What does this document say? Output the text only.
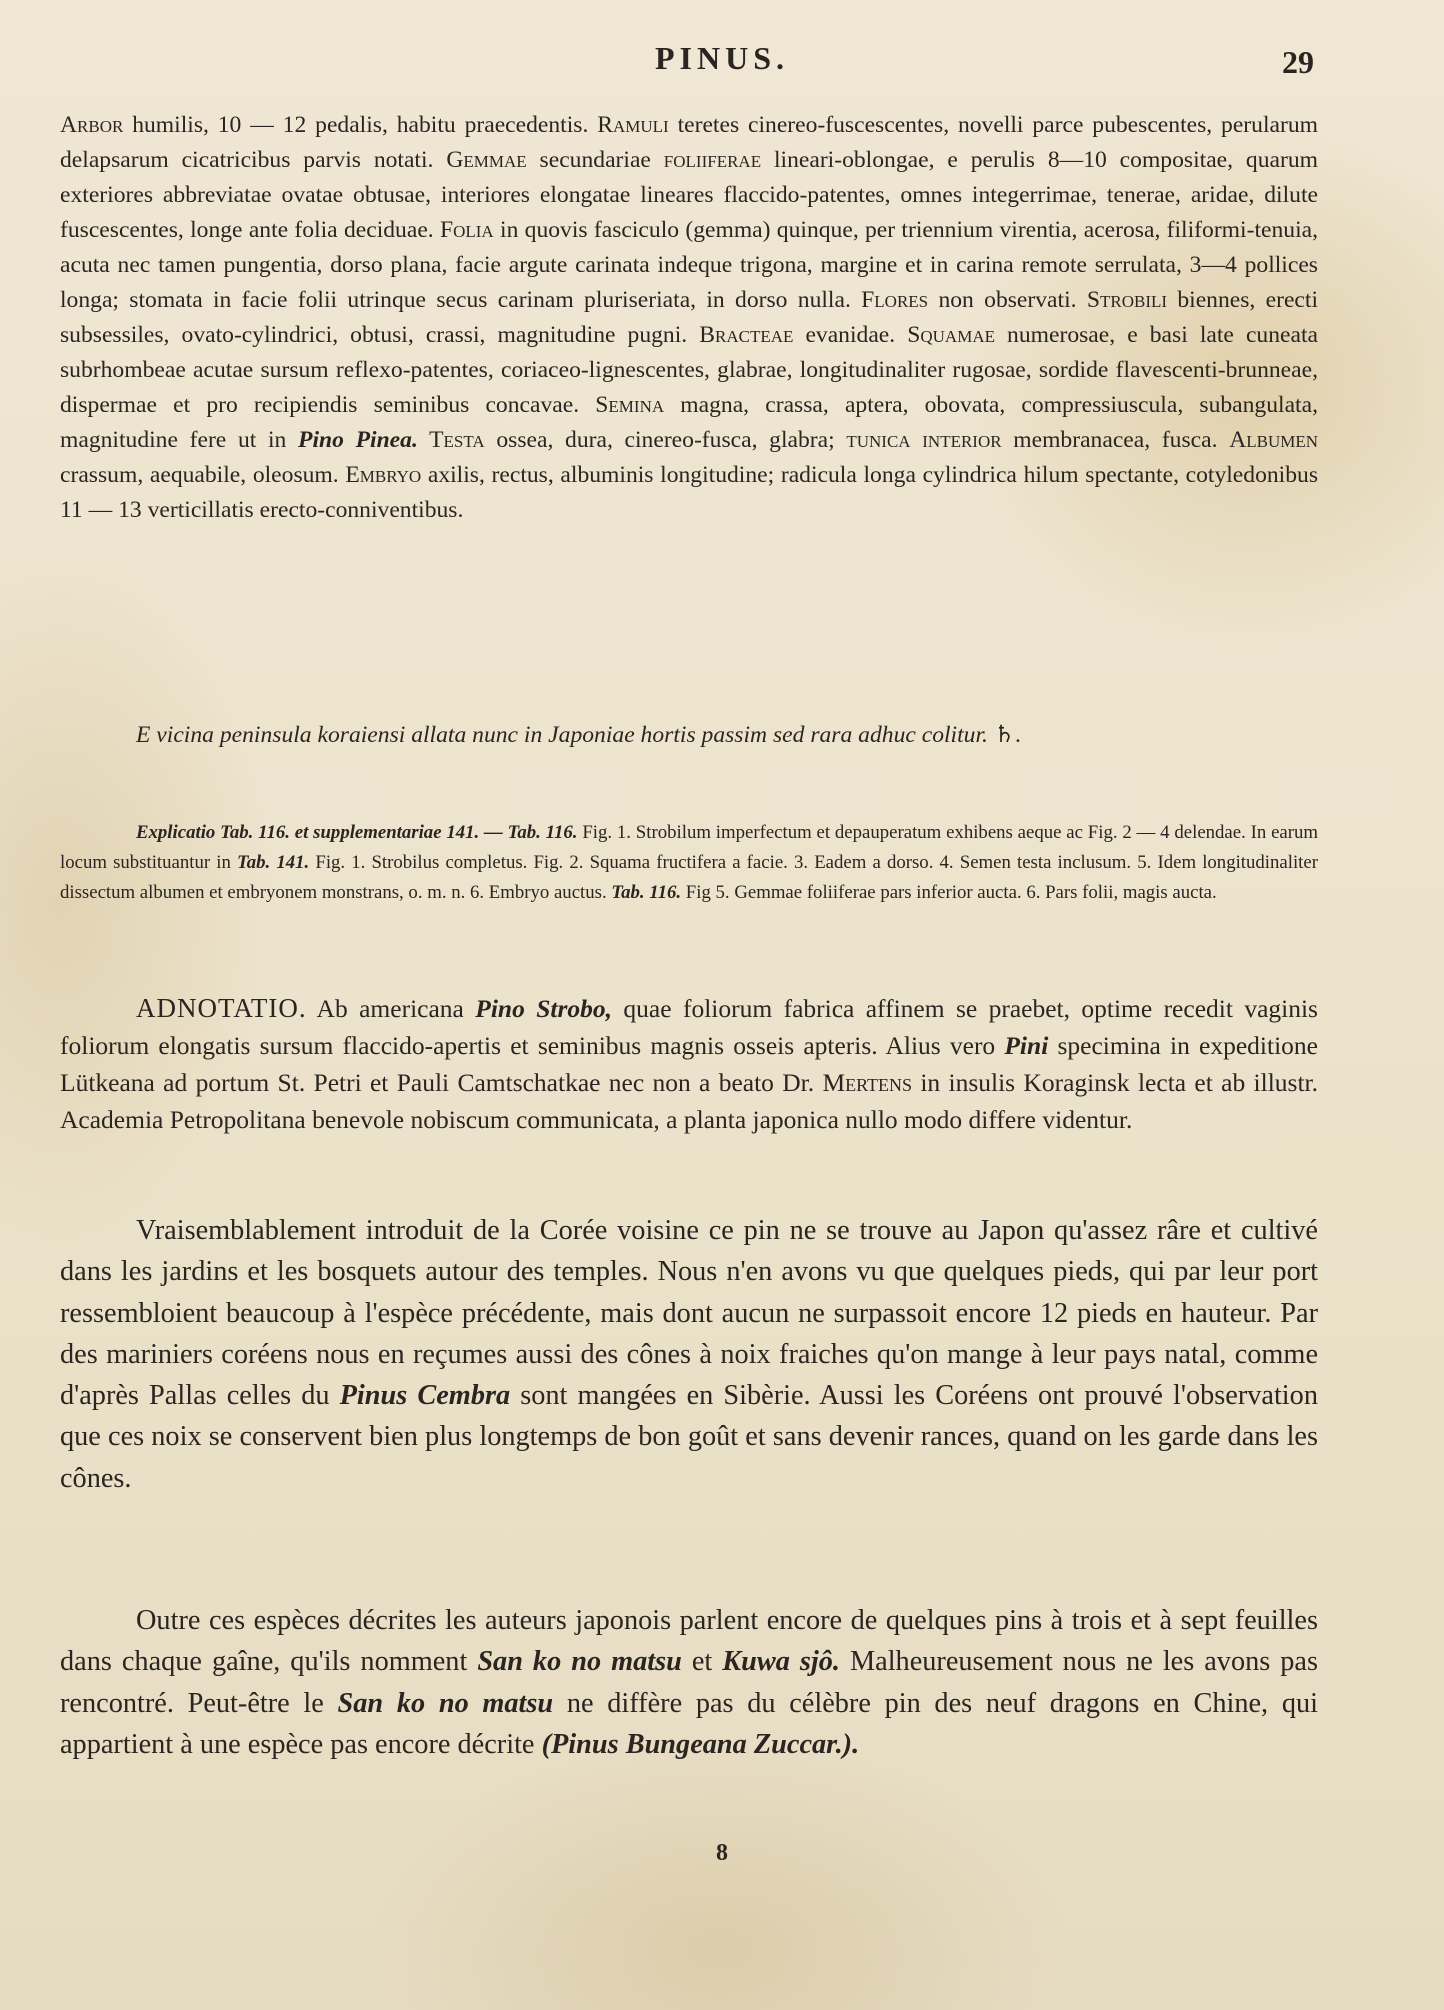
PINUS.	29
Arbor humilis, 10 — 12 pedalis, habitu praecedentis. Ramuli teretes cinereo-fuscescentes, novelli parce pubescentes, perularum delapsarum cicatricibus parvis notati. Gemmae secundariae foliiferae lineari-oblongae, e perulis 8—10 compositae, quarum exteriores abbreviatae ovatae obtusae, interiores elongatae lineares flaccido-patentes, omnes integerrimae, tenerae, aridae, dilute fuscescentes, longe ante folia deciduae. Folia in quovis fasciculo (gemma) quinque, per triennium virentia, acerosa, filiformi-tenuia, acuta nec tamen pungentia, dorso plana, facie argute carinata indeque trigona, margine et in carina remote serrulata, 3—4 pollices longa; stomata in facie folii utrinque secus carinam pluriseriata, in dorso nulla. Flores non observati. Strobili biennes, erecti subsessiles, ovato-cylindrici, obtusi, crassi, magnitudine pugni. Bracteae evanidae. Squamae numerosae, e basi late cuneata subrhombeae acutae sursum reflexo-patentes, coriaceo-lignescentes, glabrae, longitudinaliter rugosae, sordide flavescenti-brunneae, dispermae et pro recipiendis seminibus concavae. Semina magna, crassa, aptera, obovata, compressiuscula, subangulata, magnitudine fere ut in Pino Pinea. Testa ossea, dura, cinereo-fusca, glabra; tunica interior membranacea, fusca. Albumen crassum, aequabile, oleosum. Embryo axilis, rectus, albuminis longitudine; radicula longa cylindrica hilum spectante, cotyledonibus 11 — 13 verticillatis erecto-conniventibus.
E vicina peninsula koraiensi allata nunc in Japoniae hortis passim sed rara adhuc colitur. ♄.
Explicatio Tab. 116. et supplementariae 141. — Tab. 116. Fig. 1. Strobilum imperfectum et depauperatum exhibens aeque ac Fig. 2 — 4 delendae. In earum locum substituantur in Tab. 141. Fig. 1. Strobilus completus. Fig. 2. Squama fructifera a facie. 3. Eadem a dorso. 4. Semen testa inclusum. 5. Idem longitudinaliter dissectum albumen et embryonem monstrans, o. m. n. 6. Embryo auctus. Tab. 116. Fig 5. Gemmae foliiferae pars inferior aucta. 6. Pars folii, magis aucta.
ADNOTATIO. Ab americana Pino Strobo, quae foliorum fabrica affinem se praebet, optime recedit vaginis foliorum elongatis sursum flaccido-apertis et seminibus magnis osseis apteris. Alius vero Pini specimina in expeditione Lütkeana ad portum St. Petri et Pauli Camtschatkae nec non a beato Dr. Mertens in insulis Koraginsk lecta et ab illustr. Academia Petropolitana benevole nobiscum communicata, a planta japonica nullo modo differe videntur.
Vraisemblablement introduit de la Corée voisine ce pin ne se trouve au Japon qu'assez râre et cultivé dans les jardins et les bosquets autour des temples. Nous n'en avons vu que quelques pieds, qui par leur port ressembloient beaucoup à l'espèce précédente, mais dont aucun ne surpassoit encore 12 pieds en hauteur. Par des mariniers coréens nous en reçumes aussi des cônes à noix fraiches qu'on mange à leur pays natal, comme d'après Pallas celles du Pinus Cembra sont mangées en Sibèrie. Aussi les Coréens ont prouvé l'observation que ces noix se conservent bien plus longtemps de bon goût et sans devenir rances, quand on les garde dans les cônes.
Outre ces espèces décrites les auteurs japonois parlent encore de quelques pins à trois et à sept feuilles dans chaque gaîne, qu'ils nomment San ko no matsu et Kuwa sjô. Malheureusement nous ne les avons pas rencontré. Peut-être le San ko no matsu ne diffère pas du célèbre pin des neuf dragons en Chine, qui appartient à une espèce pas encore décrite (Pinus Bungeana Zuccar.).
8
